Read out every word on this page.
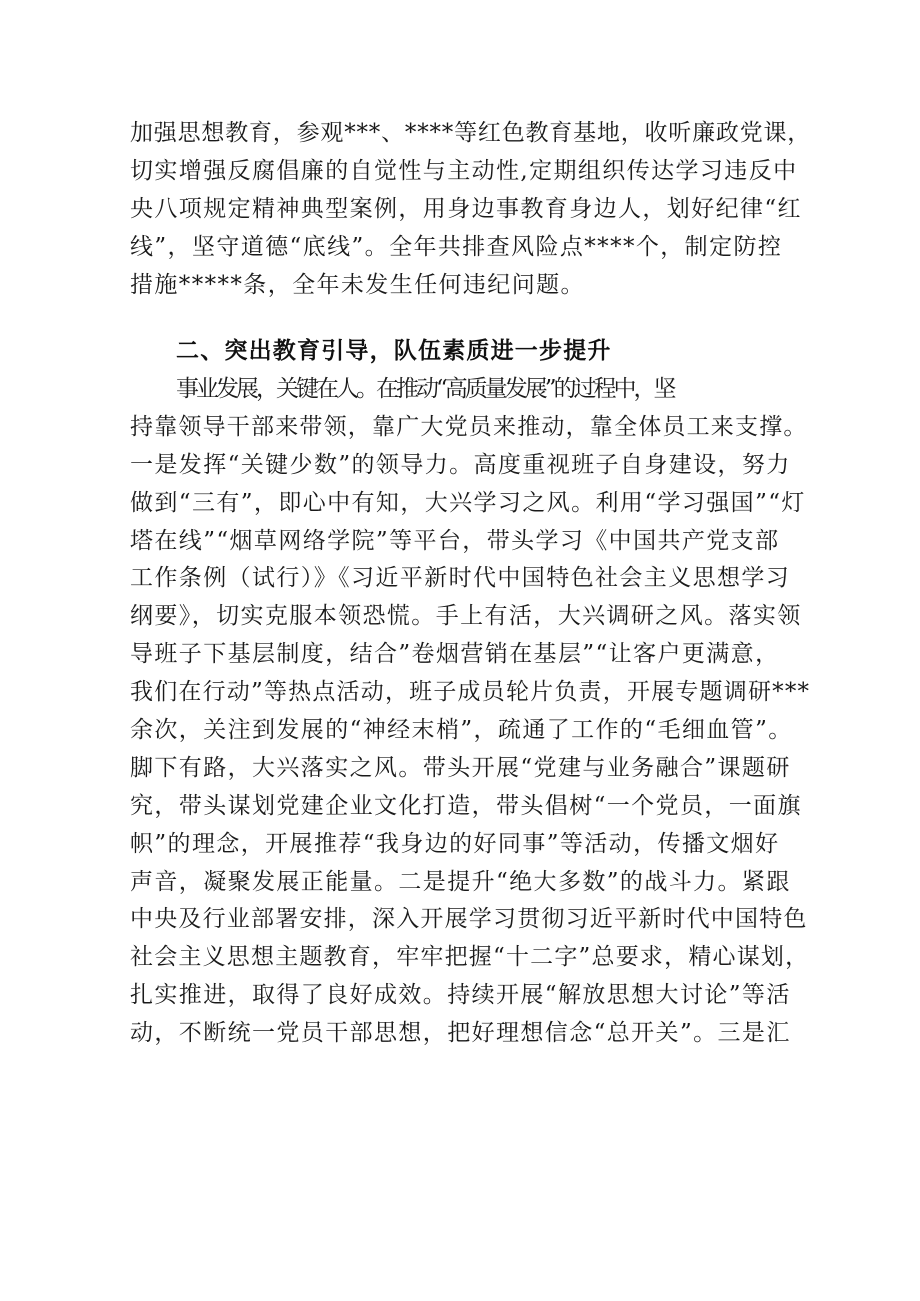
加强思想教育，参观***、****等红色教育基地，收听廉政党课，
切实增强反腐倡廉的自觉性与主动性,定期组织传达学习违反中
央八项规定精神典型案例，用身边事教育身边人，划好纪律“红
线”，坚守道德“底线”。全年共排查风险点****个，制定防控
措施*****条，全年未发生任何违纪问题。
二、突出教育引导，队伍素质进一步提升
事业发展，关键在人。在推动“高质量发展”的过程中，坚
持靠领导干部来带领，靠广大党员来推动，靠全体员工来支撑。
一是发挥“关键少数”的领导力。高度重视班子自身建设，努力
做到“三有”，即心中有知，大兴学习之风。利用“学习强国”“灯
塔在线”“烟草网络学院”等平台，带头学习《中国共产党支部
工作条例（试行）》《习近平新时代中国特色社会主义思想学习
纲要》，切实克服本领恐慌。手上有活，大兴调研之风。落实领
导班子下基层制度，结合”卷烟营销在基层”“让客户更满意，
我们在行动”等热点活动，班子成员轮片负责，开展专题调研***
余次，关注到发展的“神经末梢”，疏通了工作的“毛细血管”。
脚下有路，大兴落实之风。带头开展“党建与业务融合”课题研
究，带头谋划党建企业文化打造，带头倡树“一个党员，一面旗
帜”的理念，开展推荐“我身边的好同事”等活动，传播文烟好
声音，凝聚发展正能量。二是提升“绝大多数”的战斗力。紧跟
中央及行业部署安排，深入开展学习贯彻习近平新时代中国特色
社会主义思想主题教育，牢牢把握“十二字”总要求，精心谋划，
扎实推进，取得了良好成效。持续开展“解放思想大讨论”等活
动，不断统一党员干部思想，把好理想信念“总开关”。三是汇
